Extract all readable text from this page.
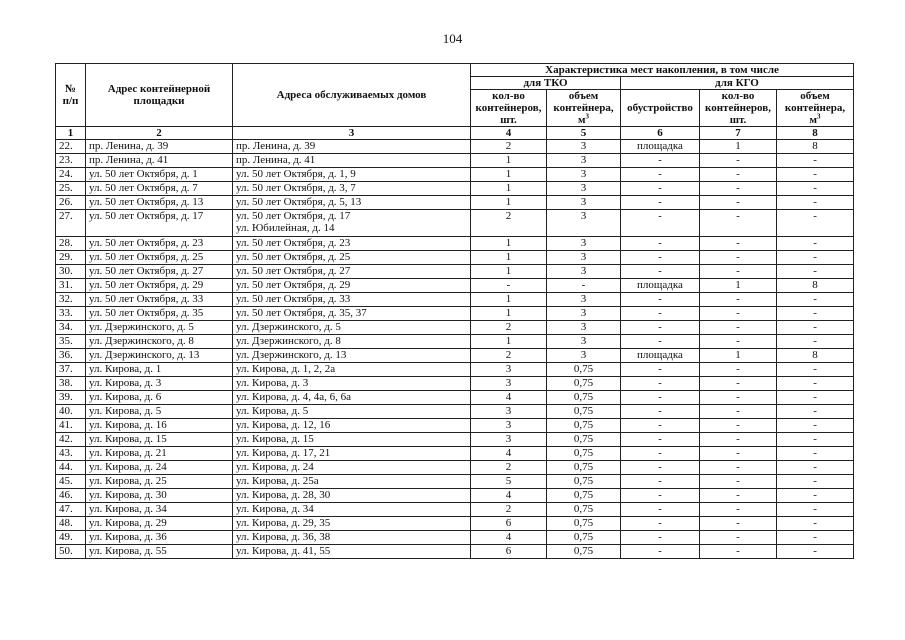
104
№ п/п	Адрес контейнерной площадки	Адреса обслуживаемых домов	Характеристика мест накопления, в том числе				
			для ТКО		для КГО		
			кол-во контейнеров, шт.	объем контейнера, $м^3$	обустройство	кол-во контейнеров, шт.	объем контейнера, $м^3$
1	2	3	4	5	6	7	8
22.	пр. Ленина, д. 39	пр. Ленина, д. 39	2	3	площадка	1	8
23.	пр. Ленина, д. 41	пр. Ленина, д. 41	1	3	-	-	-
24.	ул. 50 лет Октября, д. 1	ул. 50 лет Октября, д. 1, 9	1	3	-	-	-
25.	ул. 50 лет Октября, д. 7	ул. 50 лет Октября, д. 3, 7	1	3	-	-	-
26.	ул. 50 лет Октября, д. 13	ул. 50 лет Октября, д. 5, 13	1	3	-	-	-
27.	ул. 50 лет Октября, д. 17	ул. 50 лет Октября, д. 17
ул. Юбилейная, д. 14	2	3	-	-	-
28.	ул. 50 лет Октября, д. 23	ул. 50 лет Октября, д. 23	1	3	-	-	-
29.	ул. 50 лет Октября, д. 25	ул. 50 лет Октября, д. 25	1	3	-	-	-
30.	ул. 50 лет Октября, д. 27	ул. 50 лет Октября, д. 27	1	3	-	-	-
31.	ул. 50 лет Октября, д. 29	ул. 50 лет Октября, д. 29	-	-	площадка	1	8
32.	ул. 50 лет Октября, д. 33	ул. 50 лет Октября, д. 33	1	3	-	-	-
33.	ул. 50 лет Октября, д. 35	ул. 50 лет Октября, д. 35, 37	1	3	-	-	-
34.	ул. Дзержинского, д. 5	ул. Дзержинского, д. 5	2	3	-	-	-
35.	ул. Дзержинского, д. 8	ул. Дзержинского, д. 8	1	3	-	-	-
36.	ул. Дзержинского, д. 13	ул. Дзержинского, д. 13	2	3	площадка	1	8
37.	ул. Кирова, д. 1	ул. Кирова, д. 1, 2, 2а	3	0,75	-	-	-
38.	ул. Кирова, д. 3	ул. Кирова, д. 3	3	0,75	-	-	-
39.	ул. Кирова, д. 6	ул. Кирова, д. 4, 4а, 6, 6а	4	0,75	-	-	-
40.	ул. Кирова, д. 5	ул. Кирова, д. 5	3	0,75	-	-	-
41.	ул. Кирова, д. 16	ул. Кирова, д. 12, 16	3	0,75	-	-	-
42.	ул. Кирова, д. 15	ул. Кирова, д. 15	3	0,75	-	-	-
43.	ул. Кирова, д. 21	ул. Кирова, д. 17, 21	4	0,75	-	-	-
44.	ул. Кирова, д. 24	ул. Кирова, д. 24	2	0,75	-	-	-
45.	ул. Кирова, д. 25	ул. Кирова, д. 25а	5	0,75	-	-	-
46.	ул. Кирова, д. 30	ул. Кирова, д. 28, 30	4	0,75	-	-	-
47.	ул. Кирова, д. 34	ул. Кирова, д. 34	2	0,75	-	-	-
48.	ул. Кирова, д. 29	ул. Кирова, д. 29, 35	6	0,75	-	-	-
49.	ул. Кирова, д. 36	ул. Кирова, д. 36, 38	4	0,75	-	-	-
50.	ул. Кирова, д. 55	ул. Кирова, д. 41, 55	6	0,75	-	-	-
